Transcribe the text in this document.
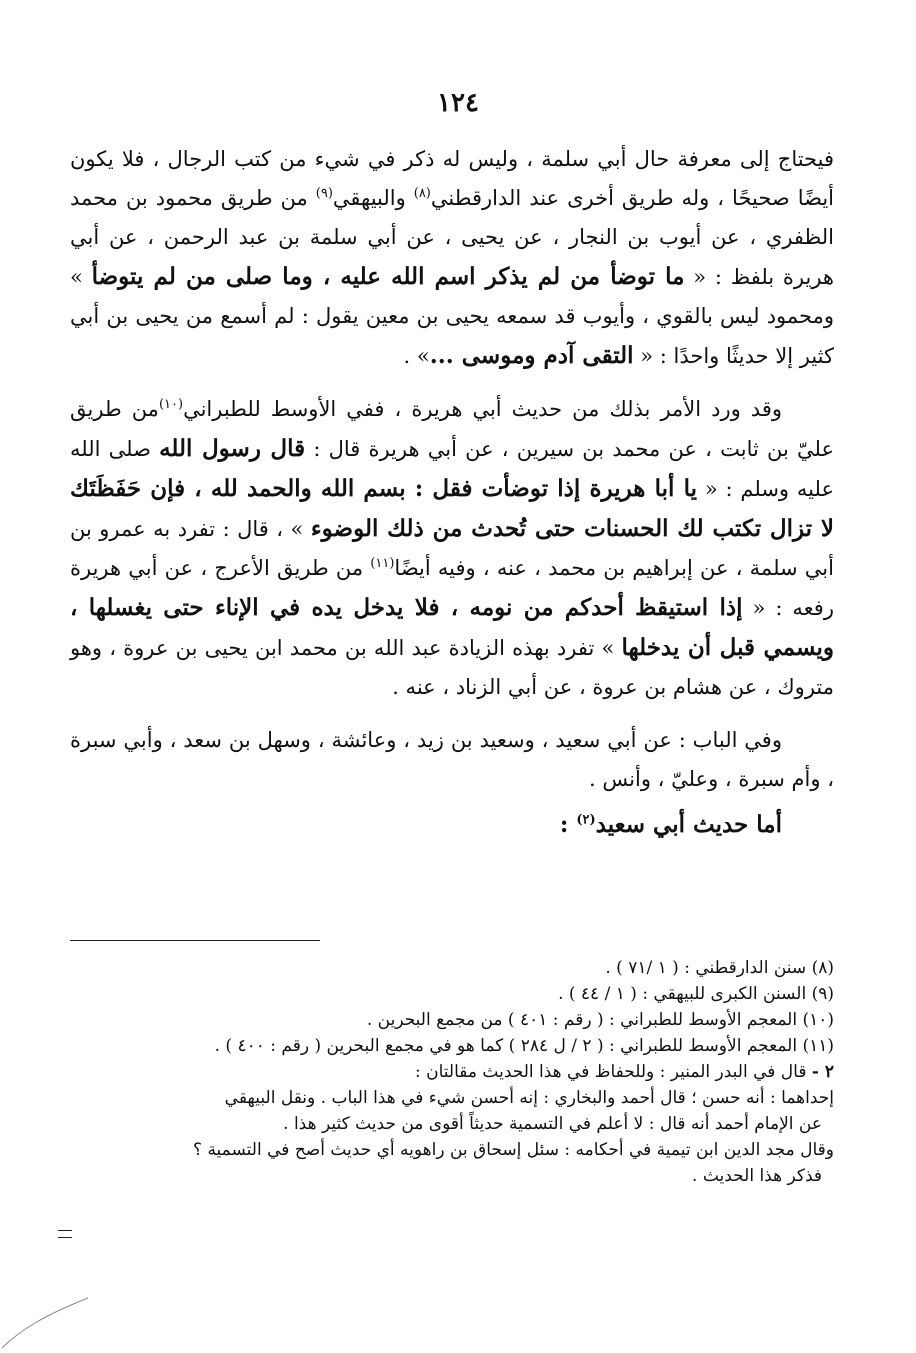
١٢٤

فيحتاج إلى معرفة حال أبي سلمة ، وليس له ذكر في شيء من كتب الرجال ، فلا يكون أيضًا صحيحًا ، وله طريق أخرى عند الدارقطني$^{(٨)}$ والبيهقي$^{(٩)}$ من طريق محمود بن محمد الظفري ، عن أيوب بن النجار ، عن يحيى ، عن أبي سلمة بن عبد الرحمن ، عن أبي هريرة بلفظ : « ما توضأ من لم يذكر اسم الله عليه ، وما صلى من لم يتوضأ » ومحمود ليس بالقوي ، وأيوب قد سمعه يحيى بن معين يقول : لم أسمع من يحيى بن أبي كثير إلا حديثًا واحدًا : « التقى آدم وموسى ...» .

وقد ورد الأمر بذلك من حديث أبي هريرة ، ففي الأوسط للطبراني$^{(١٠)}$من طريق عليّ بن ثابت ، عن محمد بن سيرين ، عن أبي هريرة قال : قال رسول الله صلى الله عليه وسلم : « يا أبا هريرة إذا توضأت فقل : بسم الله والحمد لله ، فإن حَفَظَتَك لا تزال تكتب لك الحسنات حتى تُحدث من ذلك الوضوء » ، قال : تفرد به عمرو بن أبي سلمة ، عن إبراهيم بن محمد ، عنه ، وفيه أيضًا$^{(١١)}$ من طريق الأعرج ، عن أبي هريرة رفعه : « إذا استيقظ أحدكم من نومه ، فلا يدخل يده في الإناء حتى يغسلها ، ويسمي قبل أن يدخلها » تفرد بهذه الزيادة عبد الله بن محمد ابن يحيى بن عروة ، وهو متروك ، عن هشام بن عروة ، عن أبي الزناد ، عنه .

وفي الباب : عن أبي سعيد ، وسعيد بن زيد ، وعائشة ، وسهل بن سعد ، وأبي سبرة ، وأم سبرة ، وعليّ ، وأنس .

أما حديث أبي سعيد$^{(٢)}$ :

(٨) سنن الدارقطني : ( ١ /٧١ ) .

(٩) السنن الكبرى للبيهقي : ( ١ / ٤٤ ) .

(١٠) المعجم الأوسط للطبراني : ( رقم : ٤٠١ ) من مجمع البحرين .

(١١) المعجم الأوسط للطبراني : ( ٢ / ل ٢٨٤ ) كما هو في مجمع البحرين ( رقم : ٤٠٠ ) .

٢ - قال في البدر المنير : وللحفاظ في هذا الحديث مقالتان :

إحداهما : أنه حسن ؛ قال أحمد والبخاري : إنه أحسن شيء في هذا الباب . ونقل البيهقي

عن الإمام أحمد أنه قال : لا أعلم في التسمية حديثاً أقوى من حديث كثير هذا .

وقال مجد الدين ابن تيمية في أحكامه : سئل إسحاق بن راهويه أي حديث أصح في التسمية ؟

فذكر هذا الحديث .
